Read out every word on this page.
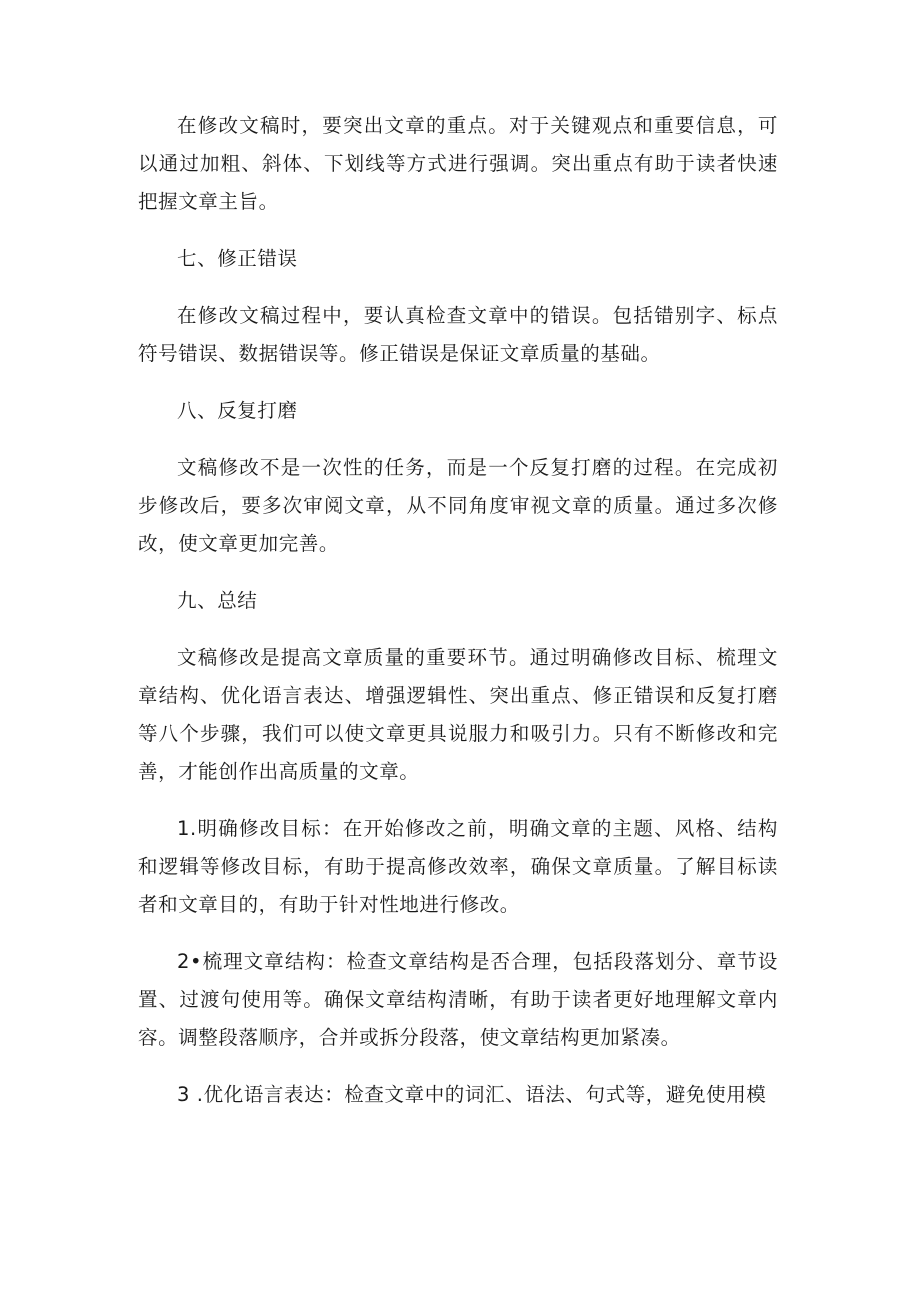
在修改文稿时，要突出文章的重点。对于关键观点和重要信息，可以通过加粗、斜体、下划线等方式进行强调。突出重点有助于读者快速把握文章主旨。

七、修正错误

在修改文稿过程中，要认真检查文章中的错误。包括错别字、标点符号错误、数据错误等。修正错误是保证文章质量的基础。

八、反复打磨

文稿修改不是一次性的任务，而是一个反复打磨的过程。在完成初步修改后，要多次审阅文章，从不同角度审视文章的质量。通过多次修改，使文章更加完善。

九、总结

文稿修改是提高文章质量的重要环节。通过明确修改目标、梳理文章结构、优化语言表达、增强逻辑性、突出重点、修正错误和反复打磨等八个步骤，我们可以使文章更具说服力和吸引力。只有不断修改和完善，才能创作出高质量的文章。

1.明确修改目标：在开始修改之前，明确文章的主题、风格、结构和逻辑等修改目标，有助于提高修改效率，确保文章质量。了解目标读者和文章目的，有助于针对性地进行修改。

2•梳理文章结构：检查文章结构是否合理，包括段落划分、章节设置、过渡句使用等。确保文章结构清晰，有助于读者更好地理解文章内容。调整段落顺序，合并或拆分段落，使文章结构更加紧凑。

3 .优化语言表达：检查文章中的词汇、语法、句式等，避免使用模
